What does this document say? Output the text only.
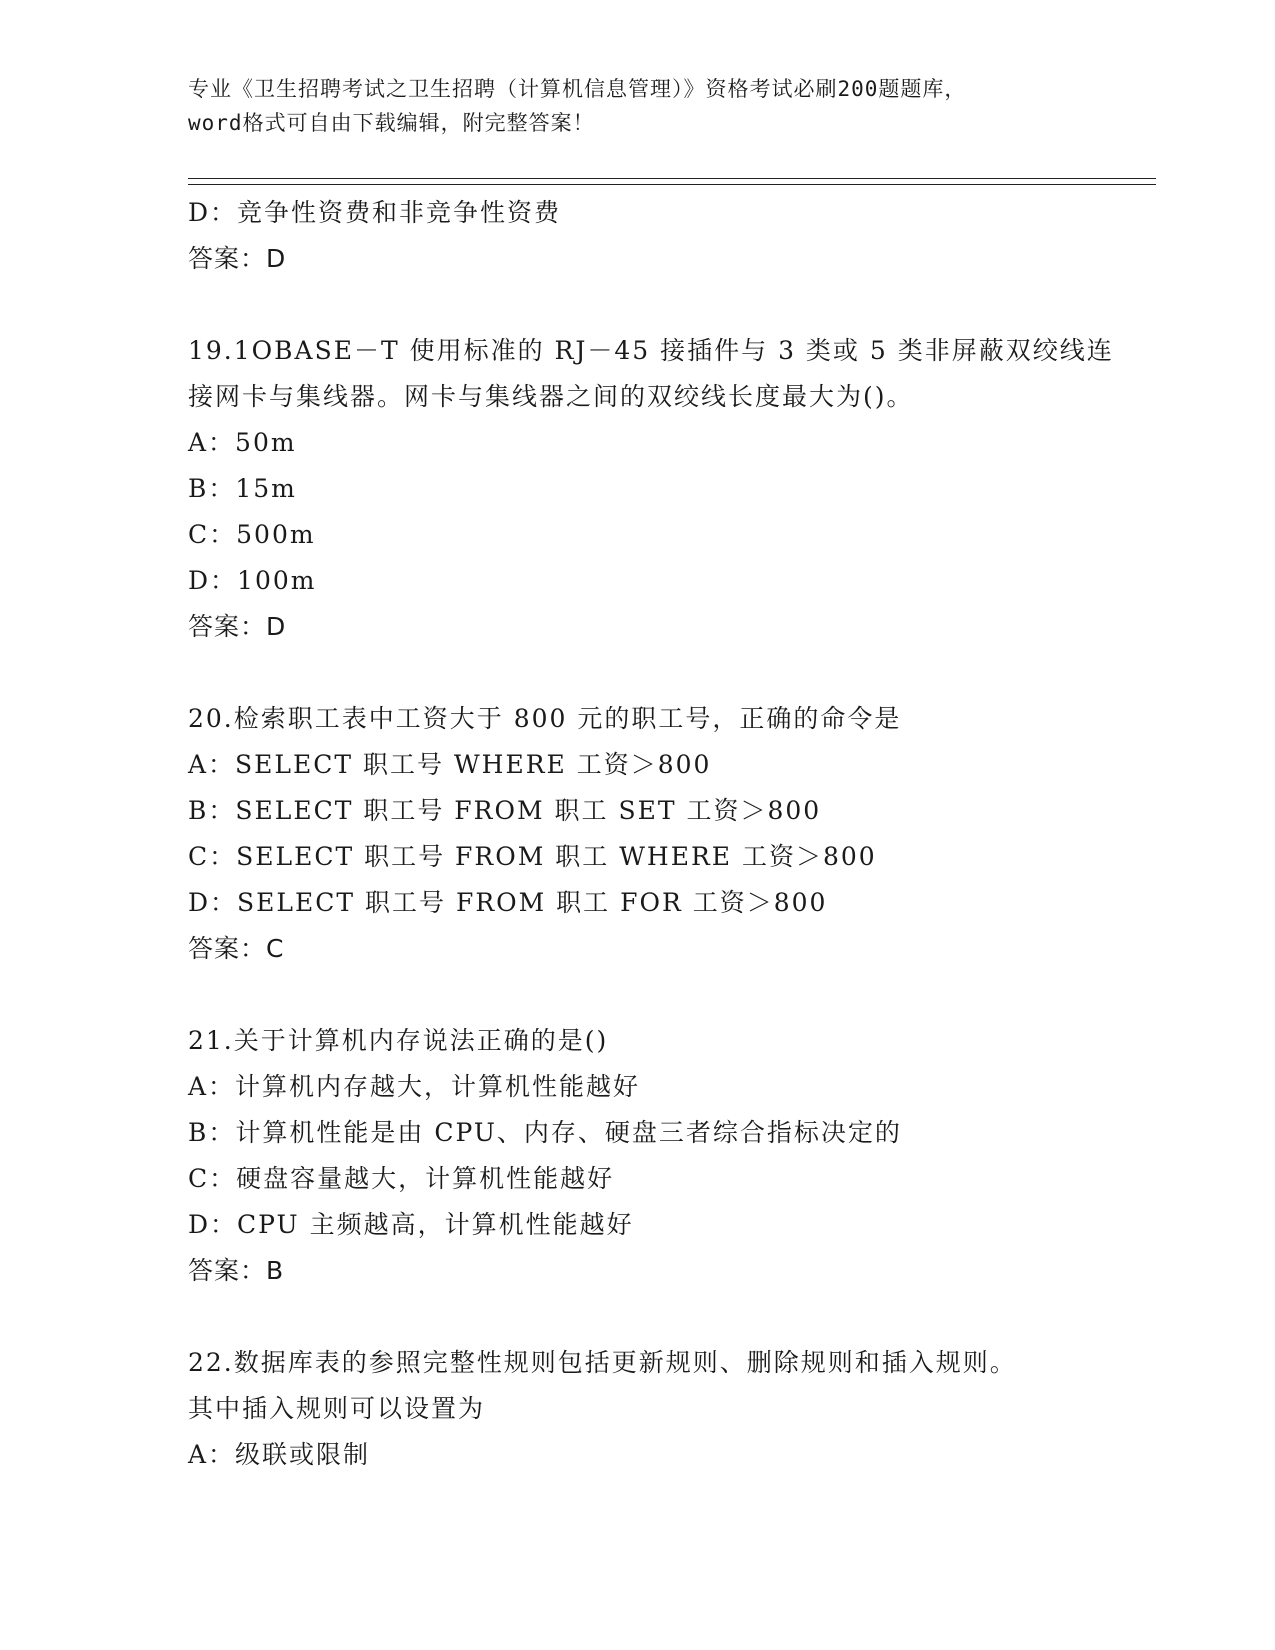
专业《卫生招聘考试之卫生招聘（计算机信息管理）》资格考试必刷200题题库，
word格式可自由下载编辑，附完整答案！
D：竞争性资费和非竞争性资费
答案：D
19.1OBASE－T 使用标准的 RJ－45 接插件与 3 类或 5 类非屏蔽双绞线连
接网卡与集线器。网卡与集线器之间的双绞线长度最大为()。
A：50m
B：15m
C：500m
D：100m
答案：D
20.检索职工表中工资大于 800 元的职工号，正确的命令是
A：SELECT 职工号 WHERE 工资＞800
B：SELECT 职工号 FROM 职工 SET 工资＞800
C：SELECT 职工号 FROM 职工 WHERE 工资＞800
D：SELECT 职工号 FROM 职工 FOR 工资＞800
答案：C
21.关于计算机内存说法正确的是()
A：计算机内存越大，计算机性能越好
B：计算机性能是由 CPU、内存、硬盘三者综合指标决定的
C：硬盘容量越大，计算机性能越好
D：CPU 主频越高，计算机性能越好
答案：B
22.数据库表的参照完整性规则包括更新规则、删除规则和插入规则。
其中插入规则可以设置为
A：级联或限制
